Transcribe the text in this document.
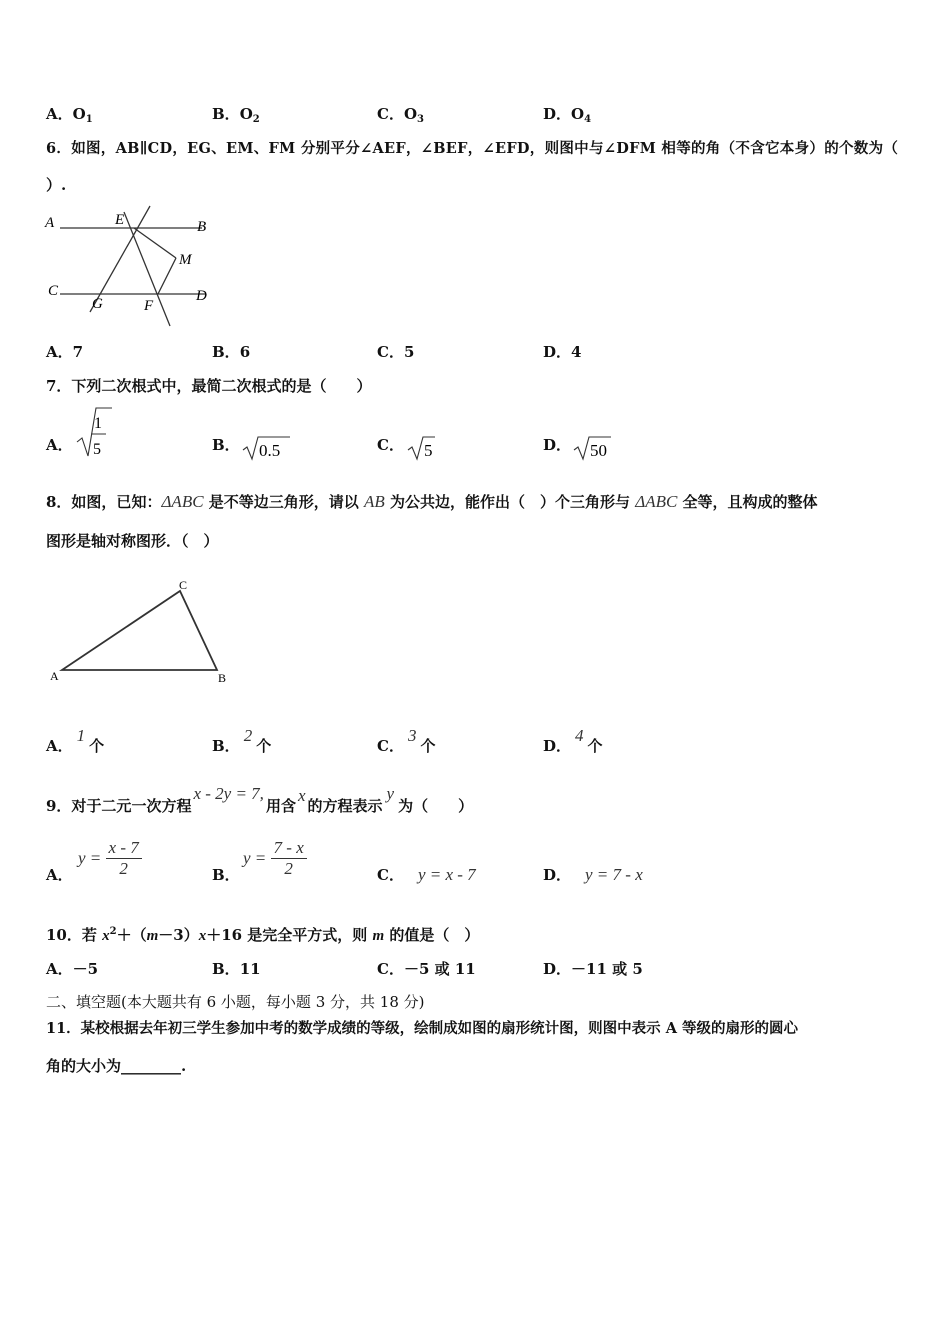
A．$O_1$	B．$O_2$	C．$O_3$	D．$O_4$
6．如图，AB∥CD，EG、EM、FM 分别平分∠AEF，∠BEF，∠EFD，则图中与∠DFM 相等的角（不含它本身）的个数为（
）.
A	B
C	D
E
F
G
M
A．7	B．6	C．5	D．4
7．下列二次根式中，最简二次根式的是（　　）
A．
1
5	B． 0.5	C． 5	D． 50
8．如图，已知：ΔABC 是不等边三角形，请以 AB 为公共边，能作出（　）个三角形与 ΔABC 全等，且构成的整体
图形是轴对称图形．（　）
A	B
C
A．1个	B．2个	C．3个	D．4个
9．对于二元一次方程x - 2y = 7,用含x的方程表示y为（　　）
A．
$y = \frac{x - 7}{2}$	B．
$y = \frac{7 - x}{2}$	C． y = x - 7	D． y = 7 - x
10．若 $x^2+(m-3)x+16$ 是完全平方式，则 m 的值是（　）
A．－5	B．11	C．－5 或 11	D．－11 或 5
二、填空题(本大题共有 6 小题，每小题 3 分，共 18 分)
11．某校根据去年初三学生参加中考的数学成绩的等级，绘制成如图的扇形统计图，则图中表示 A 等级的扇形的圆心
角的大小为________.
